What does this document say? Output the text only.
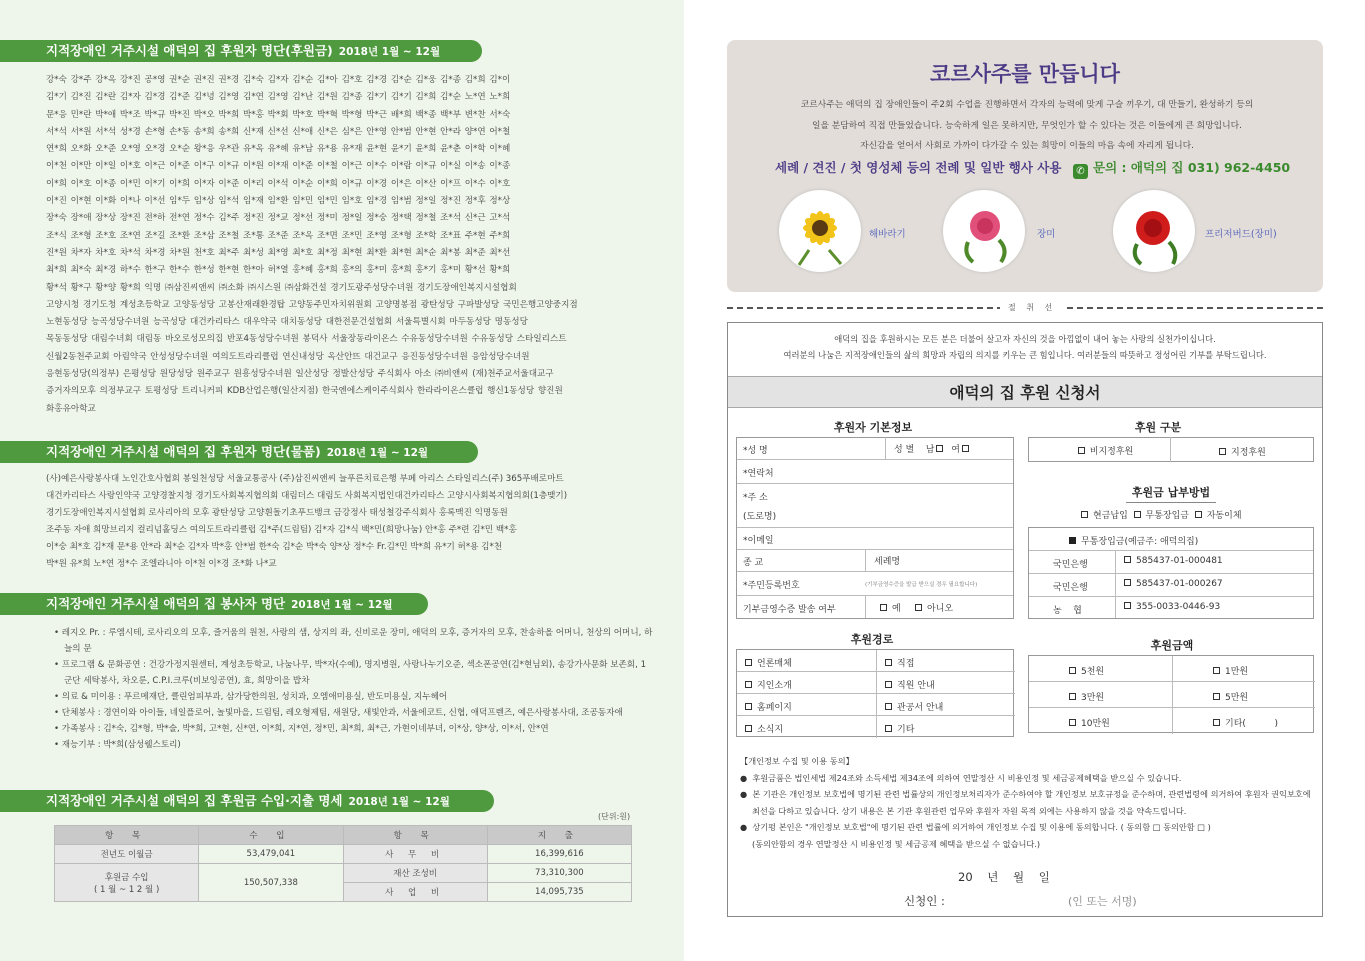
지적장애인 거주시설 애덕의 집 후원자 명단(후원금) 2018년 1월 ~ 12월
강*숙 강*주 강*옥 강*진 공*영 권*순 권*진 권*경 김*숙 김*자 김*순 김*아 김*호 김*경 김*순 김*웅 김*종 김*희 김*이
김*기 김*진 김*란 김*자 김*경 김*준 김*녕 김*영 김*연 김*영 김*난 김*원 김*종 김*기 김*기 김*희 김*순 노*연 노*희
문*응 민*란 박*애 박*조 박*규 박*진 박*오 박*희 박*홍 박*회 박*호 박*혁 박*형 박*근 배*희 백*종 백*부 변*찬 서*숙
서*석 서*원 서*석 성*경 손*형 손*동 송*희 송*희 신*재 신*선 신*애 신*은 심*은 안*영 안*범 안*현 안*라 양*연 어*철
연*희 오*화 오*준 오*영 오*경 오*순 왕*응 우*관 유*옥 유*혜 유*남 유*용 유*재 윤*현 윤*기 윤*희 윤*춘 이*학 이*혜
이*천 이*만 이*일 이*호 이*근 이*준 이*구 이*규 이*원 이*재 이*준 이*철 이*근 이*수 이*람 이*규 이*실 이*송 이*종
이*희 이*호 이*종 이*민 이*기 이*희 이*자 이*준 이*리 이*석 이*순 이*희 이*규 이*경 이*은 이*산 이*프 이*수 이*호
이*진 이*현 이*화 이*나 이*선 임*두 임*상 임*석 임*재 임*환 임*민 임*민 임*호 임*경 임*범 정*일 정*진 정*후 정*상
장*숙 장*애 장*상 장*진 전*하 전*연 정*수 김*주 정*진 정*교 정*선 정*미 정*일 정*숭 정*택 정*철 조*석 신*근 고*석
조*식 조*형 조*호 조*연 조*길 조*환 조*삼 조*철 조*통 조*준 조*옥 조*면 조*민 조*영 조*형 조*학 조*표 주*현 주*희
진*원 차*자 차*호 차*석 차*경 차*원 천*호 최*주 최*성 최*영 최*호 최*정 최*현 최*환 최*현 최*순 최*봉 최*준 최*선
최*희 최*숙 최*경 하*수 한*구 한*수 한*성 한*현 한*아 허*열 홍*혜 홍*희 홍*의 홍*미 홍*희 홍*기 홍*미 황*선 황*희
황*석 황*구 황*양 황*희 익명 ㈜삼진씨앤씨 ㈜소화 ㈜시스원 ㈜삼화건설 경기도광주성당수녀원 경기도장애인복지시설협회
고양시청 경기도청 계성초등학교 고양동성당 고봉산재래환경탑 고양동주민자치위원회 고양명봉점 광탄성당 구파발성당 국민은행고양중지점
노현동성당 능곡성당수녀원 능곡성당 대건카리타스 대우약국 대치동성당 대한전문건설협회 서울특별시회 마두동성당 명동성당
목동동성당 대림수녀회 대림동 바오로성모의집 반포4동성당수녀원 봉덕사 서울장동라이온스 수유동성당수녀원 수유동성당 스타일리스트
신월2동천주교회 아림약국 안성성당수녀원 여의도트라리클럽 연신내성당 옥산안뜨 대건교구 응진동성당수녀원 응암성당수녀원
응현동성당(의정부) 은평성당 원당성당 원주교구 원흥성당수녀원 일산성당 정발산성당 주식회사 아소 ㈜비앤씨 (재)천주교서울대교구
증거자의모후 의정부교구 토평성당 트리니커피 KDB산업은행(일산지점) 한국엔에스케이주식회사 한라라이온스클럽 행신1동성당 향진원
화홍유아학교
지적장애인 거주시설 애덕의 집 후원자 명단(물품) 2018년 1월 ~ 12월
(사)예은사랑봉사대 노인간호사협회 봉일천성당 서울교통공사 (주)삼진씨앤씨 늘푸른치료은행 부페 아리스 스타일리스(주) 365푸배로마트
대건카리타스 사랑인약국 고양경찰지청 경기도사회복지협의회 대림더스 대림도 사회복지법인대건카리타스 고양시사회복지협의회(1층맺기)
경기도장애인복지시설협회 로사리아의 모후 광탄성당 고양흰돌기초푸드뱅크 금강정사 태성철강주식회사 홍록맥진 익명동원
조주동 자애 희망브리지 컬리넘홀딩스 여의도트라리클럽 김*주(드림팀) 김*자 김*식 백*민(희망나눔) 안*홍 주*련 김*민 백*홍
이*숭 최*호 김*재 문*용 안*라 최*순 김*자 박*홍 안*범 한*숙 김*순 박*숙 양*상 정*수 Fr.김*민 박*희 유*기 허*용 김*천
박*원 유*희 노*연 정*수 조엘라니아 이*천 이*경 조*화 나*교
지적장애인 거주시설 애덕의 집 봉사자 명단 2018년 1월 ~ 12월
• 레지오 Pr. : 루엠시테, 로사리오의 모후, 즐거움의 원천, 사랑의 샘, 상지의 좌, 신비로운 장미, 애덕의 모후, 증거자의 모후, 찬송하올 어머니, 천상의 어머니, 하늘의 문
• 프로그램 & 문화공연 : 건강가정지원센터, 계성초등학교, 나눔나무, 박*자(수예), 명지병원, 사랑나누기오준, 섹소폰공연(김*현님외), 송강가사문화 보존회, 1군단 세탁봉사, 차오룬, C.P.I.크루(비보잉공연), 효, 희망이을 밥차
• 의료 & 미이용 : 푸르메재단, 클린엄피부과, 삼가당한의원, 성치과, 오엠애미용실, 반도미용실, 지누헤어
• 단체봉사 : 경연이와 아이들, 네일플로어, 놀빛마을, 드림팀, 레오형제팀, 새원당, 새빛안과, 서울에코트, 신협, 애덕프렌즈, 예은사랑봉사대, 조공동자애
• 가족봉사 : 김*숙, 김*형, 박*술, 박*희, 고*현, 신*연, 이*희, 지*연, 정*민, 최*희, 최*근, 가현이네부녀, 이*상, 양*상, 이*서, 안*연
• 재능기부 : 박*희(삼성웰스토리)
지적장애인 거주시설 애덕의 집 후원금 수입·지출 명세 2018년 1월 ~ 12월
(단위:원)
항 목	수 입	항 목	지 출
전년도 이월금	53,479,041	사 무 비	16,399,616

후원금 수입
( 1 월 ~ 1 2 월 )	150,507,338	재산 조성비	73,310,300
		사 업 비	14,095,735
코르사주를 만듭니다
코르사주는 애덕의 집 장애인들이 주2회 수업을 진행하면서 각자의 능력에 맞게 구슬 끼우기, 대 만들기, 완성하기 등의
일을 분담하여 직접 만들었습니다. 능숙하게 일은 못하지만, 무엇인가 할 수 있다는 것은 이들에게 큰 희망입니다.
자신감을 얻어서 사회로 가까이 다가갈 수 있는 희망이 이들의 마음 속에 자리게 됩니다.
세례 / 견진 / 첫 영성체 등의 전례 및 일반 행사 사용	✆ 문의 : 애덕의 집 031) 962-4450
해바라기	장미	프리저버드(장미)
절 취 선
애덕의 집을 후원하시는 모든 분은 더불어 살고자 자신의 것을 아낌없이 내어 놓는 사랑의 실천가이십니다.
여러분의 나눔은 지적장애인들의 삶의 희망과 자립의 의지를 키우는 큰 힘입니다. 여러분들의 따뜻하고 정성어린 기부를 부탁드립니다.
애덕의 집 후원 신청서
후원자 기본정보
*성 명	성 별 남 여
*연락처
*주 소
(도로명)
*이메일
종 교	세례명
*주민등록번호	(기부금영수증을 발급 받으실 경우 필요합니다)
기부금영수증 발송 여부	예	아니오
후원 구분
비지정후원	지정후원
후원금 납부방법
현금납입 무통장입금 자동이체
무통장입금(예금주: 애덕의집)
국민은행	585437-01-000481
국민은행	585437-01-000267
농    협	355-0033-0446-93
후원경로
언론매체	직접
지인소개	직원 안내
홈페이지	관공서 안내
소식지	기타
후원금액
5천원	1만원
3만원	5만원
10만원	기타(          )
【개인정보 수집 및 이용 동의】
●  후원금품은 법인세법 제24조와 소득세법 제34조에 의하여 연말정산 시 비용인정 및 세금공제혜택을 받으실 수 있습니다.
●  본 기관은 개인정보 보호법에 명기된 관련 법률상의 개인정보처리자가 준수하여야 할 개인정보 보호규정을 준수하며, 관련법령에 의거하여 후원자 권익보호에 최선을 다하고 있습니다. 상기 내용은 본 기관 후원관련 업무와 후원자 자원 목적 외에는 사용하지 않을 것을 약속드립니다.
●  상기펑 본인은 "개인정보 보호법"에 명기된 관련 법률에 의거하여 개인정보 수집 및 이용에 동의합니다. ( 동의함 □ 동의안함 □ )
(동의안함의 경우 연말정산 시 비용인정 및 세금공제 혜택을 받으실 수 없습니다.)
20    년    월    일
신청인 :	(인 또는 서명)
